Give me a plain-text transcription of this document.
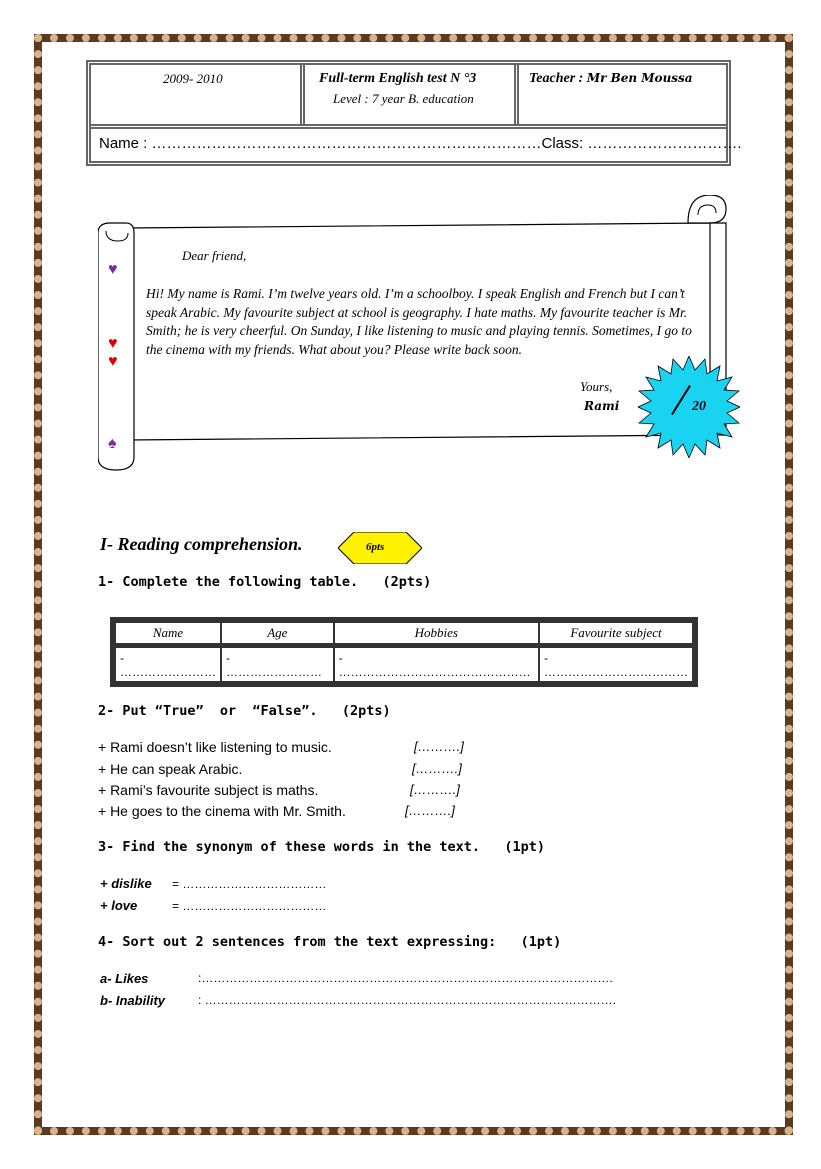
2009- 2010	Full-term English test N °3
Level : 7 year B. education
Teacher : Mr Ben Moussa
Name : ……………………………………………………………………Class: ………………………….
♥
♥
♥
♠
Dear friend,
Hi! My name is Rami. I’m twelve years old. I’m a schoolboy. I speak English and French but I can’t speak Arabic. My favourite subject at school is geography. I hate maths. My favourite teacher is Mr. Smith; he is very cheerful. On Sunday, I like listening to music and playing tennis. Sometimes, I go to the cinema with my friends. What about you? Please write back soon.
Yours,
Rami	20
I- Reading comprehension.	6pts
1- Complete the following table.   (2pts)
Name	Age	Hobbies	Favourite subject
- ……………………	- ……………………	- …………………………………………	- ………………………………
2- Put “True”  or  “False”.   (2pts)
+ Rami doesn’t like listening to music.	[……….]
+ He can speak Arabic.	[……….]
+ Rami’s favourite subject is maths.	[……….]
+ He goes to the cinema with Mr. Smith.	[……….]
3- Find the synonym of these words in the text.   (1pt)
+ dislike = ………………………………
+ love	= ………………………………
4- Sort out 2 sentences from the text expressing:   (1pt)
a- Likes	:………………………………………………………………………………………….
b- Inability	: ………………………………………………………………………………………….
